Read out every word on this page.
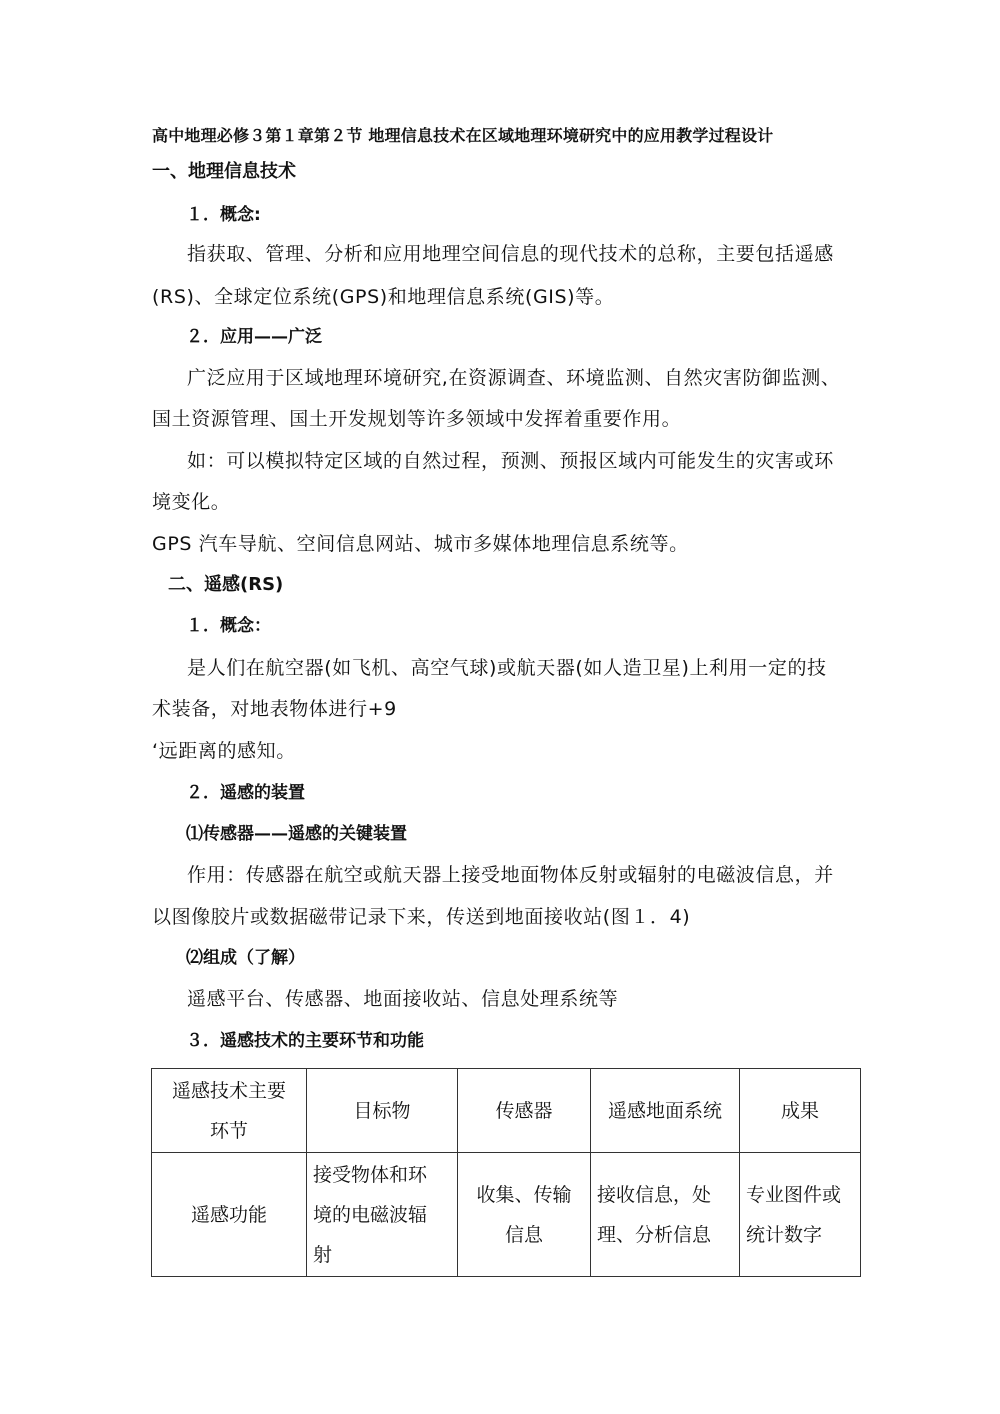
高中地理必修３第１章第２节 地理信息技术在区域地理环境研究中的应用教学过程设计
一、地理信息技术
１．概念:
指获取、管理、分析和应用地理空间信息的现代技术的总称，主要包括遥感
(RS)、全球定位系统(GPS)和地理信息系统(GIS)等。
２．应用——广泛
广泛应用于区域地理环境研究,在资源调查、环境监测、自然灾害防御监测、
国土资源管理、国土开发规划等许多领域中发挥着重要作用。
如：可以模拟特定区域的自然过程，预测、预报区域内可能发生的灾害或环
境变化。
GPS 汽车导航、空间信息网站、城市多媒体地理信息系统等。
二、遥感(RS)
１．概念：
是人们在航空器(如飞机、高空气球)或航天器(如人造卫星)上利用一定的技
术装备，对地表物体进行+9
‘远距离的感知。
２．遥感的装置
⑴传感器——遥感的关键装置
作用：传感器在航空或航天器上接受地面物体反射或辐射的电磁波信息，并
以图像胶片或数据磁带记录下来，传送到地面接收站(图１．4)
⑵组成（了解）
遥感平台、传感器、地面接收站、信息处理系统等
３．遥感技术的主要环节和功能
遥感技术主要
环节	目标物	传感器	遥感地面系统	成果
遥感功能	接受物体和环
境的电磁波辐
射	收集、传输
信息	接收信息，处
理、分析信息	专业图件或
统计数字
